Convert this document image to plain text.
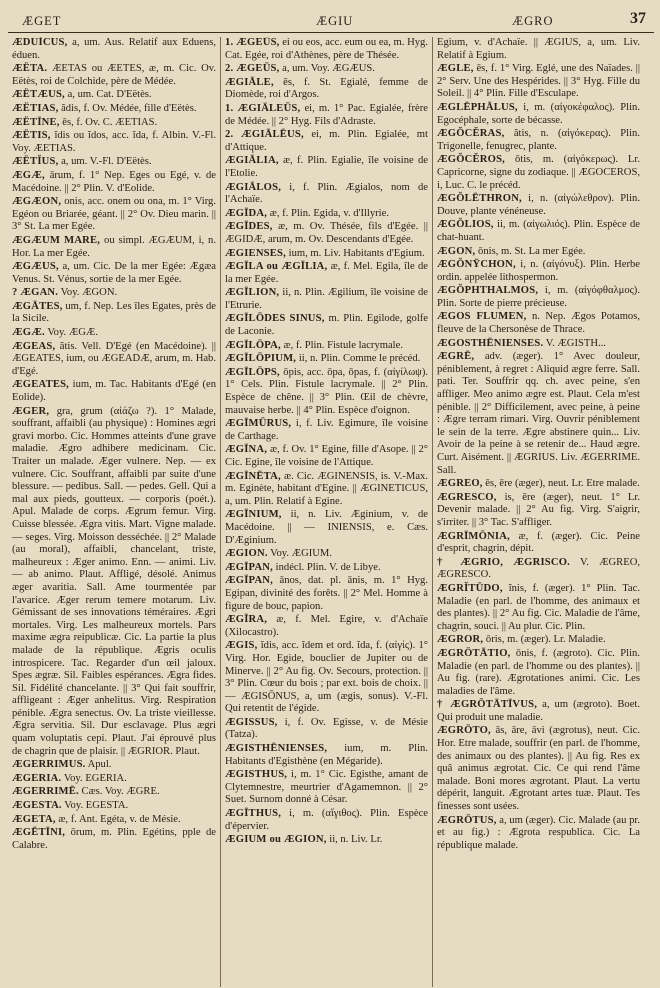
ÆGET	ÆGIU	ÆGRO	37

ÆDUĬCUS, a, um. Aus. Relatif aux Eduens, éduen.

ÆËTA. ÆETAS ou ÆETES, æ, m. Cic. Ov. Eëtès, roi de Colchide, père de Médée.

ÆËTÆUS, a, um. Cat. D'Eëtès.

ÆËTIAS, ădis, f. Ov. Médée, fille d'Eëtès.

ÆËTĪNE, ēs, f. Ov. C. ÆETIAS.

ÆËTIS, ĭdis ou ĭdos, acc. ĭda, f. Albin. V.-Fl. Voy. ÆETIAS.

ÆËTĬUS, a, um. V.-Fl. D'Eëtès.

ÆGÆ, ārum, f. 1° Nep. Eges ou Egé, v. de Macédoine. || 2° Plin. V. d'Eolide.

ÆGÆON, onis, acc. onem ou ona, m. 1° Virg. Egéon ou Briarée, géant. || 2° Ov. Dieu marin. || 3° St. La mer Egée.

ÆGÆUM MARE, ou simpl. ÆGÆUM, i, n. Hor. La mer Egée.

ÆGÆUS, a, um. Cic. De la mer Egée: Ægæa Venus. St. Vénus, sortie de la mer Egée.

? ÆGAN. Voy. ÆGON.

ÆGĀTES, um, f. Nep. Les îles Egates, près de la Sicile.

ÆGÆ. Voy. ÆGÆ.

ÆGEAS, ătis. Vell. D'Egé (en Macédoine). || ÆGEATES, ium, ou ÆGEADÆ, arum, m. Hab. d'Egé.

ÆGEATES, ium, m. Tac. Habitants d'Egé (en Eolide).

ÆGER, gra, grum (αἰάζω ?). 1° Malade, souffrant, affaibli (au physique) : Homines ægri gravi morbo. Cic. Hommes atteints d'une grave maladie. Ægro adhibere medicinam. Cic. Traiter un malade. Æger vulnere. Nep. — ex vulnere. Cic. Souffrant, affaibli par suite d'une blessure. — pedibus. Sall. — pedes. Gell. Qui a mal aux pieds, goutteux. — corporis (poét.). Apul. Malade de corps. Ægrum femur. Virg. Cuisse blessée. Ægra vitis. Mart. Vigne malade. — seges. Virg. Moisson desséchée. || 2° Malade (au moral), affaibli, chancelant, triste, malheureux : Æger animo. Enn. — animi. Liv. — ab animo. Plaut. Affligé, désolé. Animus æger avaritia. Sall. Ame tourmentée par l'avarice. Æger rerum temere motarum. Liv. Gémissant de ses innovations téméraires. Ægri mortales. Virg. Les malheureux mortels. Pars maxime ægra reipublicæ. Cic. La partie la plus malade de la république. Ægris oculis introspicere. Tac. Regarder d'un œil jaloux. Spes ægræ. Sil. Faibles espérances. Ægra fides. Sil. Fidélité chancelante. || 3° Qui fait souffrir, affligeant : Æger anhelitus. Virg. Respiration pénible. Ægra senectus. Ov. La triste vieillesse. Ægra servitia. Sil. Dur esclavage. Plus ægri quam voluptatis cepi. Plaut. J'ai éprouvé plus de chagrin que de plaisir. || ÆGRIOR. Plaut.

ÆGERRIMUS. Apul.

ÆGERIA. Voy. EGERIA.

ÆGERRIMĒ. Cæs. Voy. ÆGRE.

ÆGESTA. Voy. EGESTA.

ÆGETA, æ, f. Ant. Egéta, v. de Mésie.

ÆGĒTĪNI, ōrum, m. Plin. Egétins, pple de Calabre.

1. ÆGEŪS, ei ou eos, acc. eum ou ea, m. Hyg. Cat. Egée, roi d'Athènes, père de Thésée.

2. ÆGEŪS, a, um. Voy. ÆGÆUS.

ÆGIĀLE, ēs, f. St. Egialé, femme de Diomède, roi d'Argos.

1. ÆGIĀLEŪS, ei, m. 1° Pac. Egialée, frère de Médée. || 2° Hyg. Fils d'Adraste.

2. ÆGIĀLĒUS, ei, m. Plin. Egialée, mt d'Attique.

ÆGIĀLIA, æ, f. Plin. Egialie, île voisine de l'Etolie.

ÆGIĀLOS, i, f. Plin. Ægialos, nom de l'Achaïe.

ÆGĪDA, æ, f. Plin. Egida, v. d'Illyrie.

ÆGĪDES, æ, m. Ov. Thésée, fils d'Egée. || ÆGIDÆ, arum, m. Ov. Descendants d'Egée.

ÆGIENSES, ium, m. Liv. Habitants d'Egium.

ÆGĪLA ou ÆGĪLIA, æ, f. Mel. Egila, île de la mer Egée.

ÆGĪLION, ii, n. Plin. Ægilium, île voisine de l'Etrurie.

ÆGĪLŌDES SINUS, m. Plin. Egilode, golfe de Laconie.

ÆGĪLŌPA, æ, f. Plin. Fistule lacrymale.

ÆGĪLŌPIUM, ii, n. Plin. Comme le précéd.

ÆGĪLŌPS, ōpis, acc. ōpa, ōpas, f. (αἰγίλωψ). 1° Cels. Plin. Fistule lacrymale. || 2° Plin. Espèce de chêne. || 3° Plin. Œil de chèvre, mauvaise herbe. || 4° Plin. Espèce d'oignon.

ÆGĪMŪRUS, i, f. Liv. Egimure, île voisine de Carthage.

ÆGĪNA, æ, f. Ov. 1° Egine, fille d'Asope. || 2° Cic. Egine, île voisine de l'Attique.

ÆGĪNĒTA, æ. Cic. ÆGINENSIS, is. V.-Max. m. Eginète, habitant d'Egine. || ÆGINETICUS, a, um. Plin. Relatif à Egine.

ÆGĪNIUM, ii, n. Liv. Æginium, v. de Macédoine. || — INIENSIS, e. Cæs. D'Æginium.

ÆGION. Voy. ÆGIUM.

ÆGĪPAN, indécl. Plin. V. de Libye.

ÆGĪPAN, ānos, dat. pl. ānis, m. 1° Hyg. Egipan, divinité des forêts. || 2° Mel. Homme à figure de bouc, papion.

ÆGĪRA, æ, f. Mel. Egire, v. d'Achaïe (Xilocastro).

ÆGIS, ĭdis, acc. ĭdem et ord. ĭda, f. (αἰγίς). 1° Virg. Hor. Egide, bouclier de Jupiter ou de Minerve. || 2° Au fig. Ov. Secours, protection. || 3° Plin. Cœur du bois ; par ext. bois de choix. || — ÆGISŌNUS, a, um (ægis, sonus). V.-Fl. Qui retentit de l'égide.

ÆGISSUS, i, f. Ov. Egisse, v. de Mésie (Tatza).

ÆGISTHĒNIENSES, ium, m. Plin. Habitants d'Egisthène (en Mégaride).

ÆGISTHUS, i, m. 1° Cic. Egisthe, amant de Clytemnestre, meurtrier d'Agamemnon. || 2° Suet. Surnom donné à César.

ÆGĪTHUS, i, m. (αἴγιθος). Plin. Espèce d'épervier.

ÆGIUM ou ÆGION, ii, n. Liv. Lr.

Egium, v. d'Achaïe. || ÆGIUS, a, um. Liv. Relatif à Egium.

ÆGLE, ēs, f. 1° Virg. Eglé, une des Naïades. || 2° Serv. Une des Hespérides. || 3° Hyg. Fille du Soleil. || 4° Plin. Fille d'Esculape.

ÆGLĒPHĀLUS, i, m. (αἰγοκέφαλος). Plin. Egocéphale, sorte de bécasse.

ÆGŎCĔRAS, ătis, n. (αἰγόκερας). Plin. Trigonelle, fenugrec, plante.

ÆGŎCĔROS, ōtis, m. (αἰγόκερως). Lr. Capricorne, signe du zodiaque. || ÆGOCEROS, i, Luc. C. le précéd.

ÆGŎLĒTHRON, i, n. (αἰγώλεθρον). Plin. Douve, plante vénéneuse.

ÆGŎLIOS, ii, m. (αἰγωλιός). Plin. Espèce de chat-huant.

ÆGON, ōnis, m. St. La mer Egée.

ÆGŎNȲCHON, i, n. (αἰγόνυξ). Plin. Herbe ordin. appelée lithospermon.

ÆGŎPHTHALMOS, i, m. (αἰγόφθαλμος). Plin. Sorte de pierre précieuse.

ÆGOS FLUMEN, n. Nep. Ægos Potamos, fleuve de la Chersonèse de Thrace.

ÆGOSTHĒNIENSES. V. ÆGISTH...

ÆGRĒ, adv. (æger). 1° Avec douleur, péniblement, à regret : Aliquid ægre ferre. Sall. pati. Ter. Souffrir qq. ch. avec peine, s'en affliger. Meo animo ægre est. Plaut. Cela m'est pénible. || 2° Difficilement, avec peine, à peine : Ægre terram rimari. Virg. Ouvrir péniblement le sein de la terre. Ægre abstinere quin... Liv. Avoir de la peine à se retenir de... Haud ægre. Curt. Aisément. || ÆGRIUS. Liv. ÆGERRIME. Sall.

ÆGREO, ēs, ēre (æger), neut. Lr. Etre malade.

ÆGRESCO, is, ēre (æger), neut. 1° Lr. Devenir malade. || 2° Au fig. Virg. S'aigrir, s'irriter. || 3° Tac. S'affliger.

ÆGRĪMŌNIA, æ, f. (æger). Cic. Peine d'esprit, chagrin, dépit.

† ÆGRIO, ÆGRISCO. V. ÆGREO, ÆGRESCO.

ÆGRĬTŪDO, ĭnis, f. (æger). 1° Plin. Tac. Maladie (en parl. de l'homme, des animaux et des plantes). || 2° Au fig. Cic. Maladie de l'âme, chagrin, souci. || Au plur. Cic. Plin.

ÆGROR, ōris, m. (æger). Lr. Maladie.

ÆGRŌTĀTIO, ōnis, f. (ægroto). Cic. Plin. Maladie (en parl. de l'homme ou des plantes). || Au fig. (rare). Ægrotationes animi. Cic. Les maladies de l'âme.

† ÆGRŌTĀTĪVUS, a, um (ægroto). Boet. Qui produit une maladie.

ÆGRŌTO, ās, āre, āvi (ægrotus), neut. Cic. Hor. Etre malade, souffrir (en parl. de l'homme, des animaux ou des plantes). || Au fig. Res ex quâ animus ægrotat. Cic. Ce qui rend l'âme malade. Boni mores ægrotant. Plaut. La vertu dépérit, languit. Ægrotant artes tuæ. Plaut. Tes finesses sont usées.

ÆGRŌTUS, a, um (æger). Cic. Malade (au pr. et au fig.) : Ægrota respublica. Cic. La république malade.
